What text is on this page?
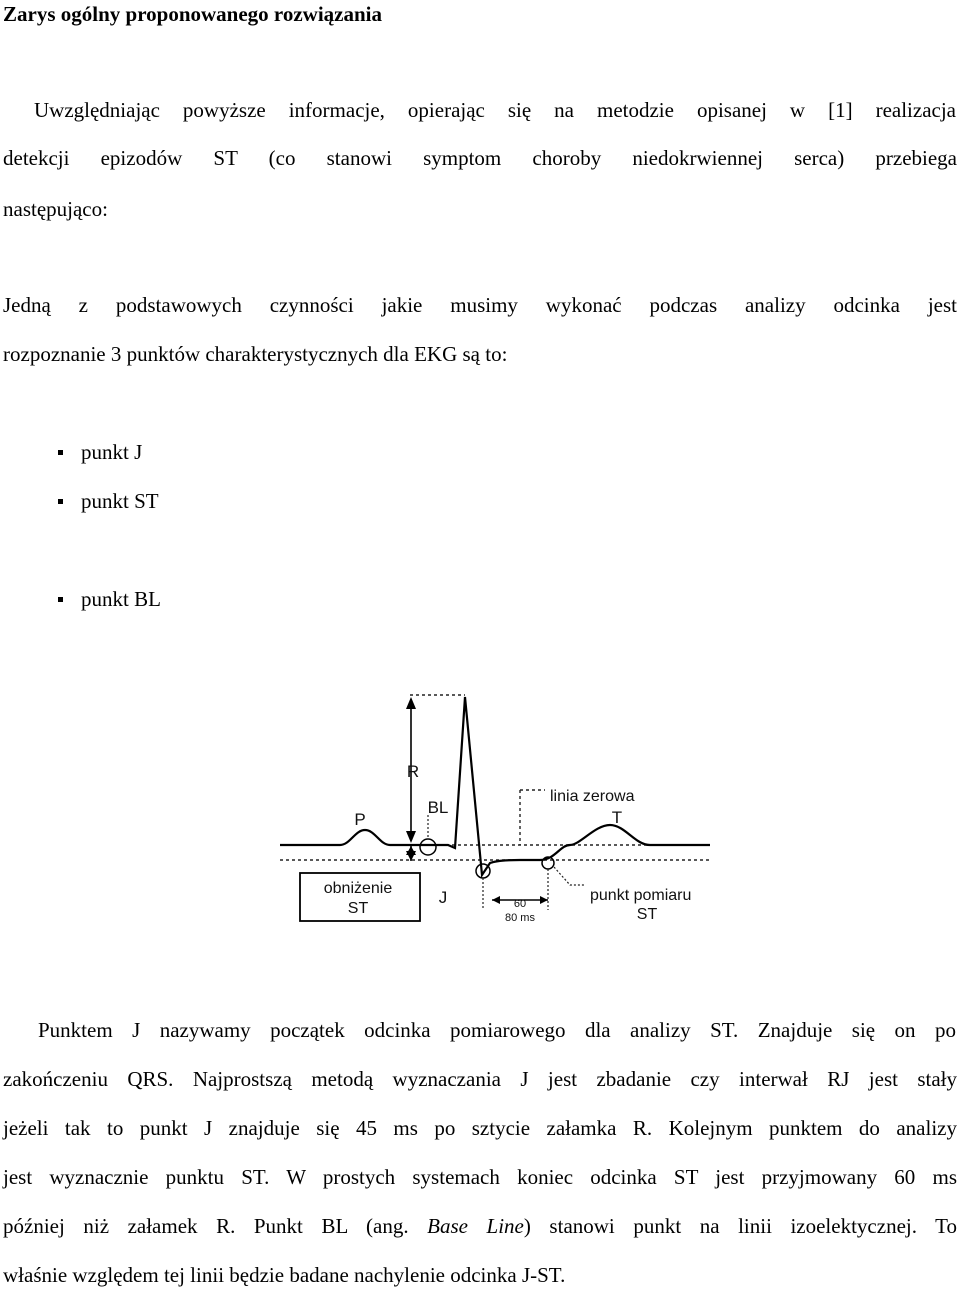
Zarys ogólny proponowanego rozwiązania
Uwzględniając powyższe informacje, opierając się na metodzie opisanej w [1] realizacja
detekcji epizodów ST (co stanowi symptom choroby niedokrwiennej serca) przebiega
następująco:
Jedną z podstawowych czynności jakie musimy wykonać podczas analizy odcinka jest
rozpoznanie 3 punktów charakterystycznych dla EKG są to:
punkt J
punkt ST
punkt BL
R
P
BL
T
J
linia zerowa
obniżenie
ST	60
80 ms
punkt pomiaru
ST
Punktem J nazywamy początek odcinka pomiarowego dla analizy ST. Znajduje się on po
zakończeniu QRS. Najprostszą metodą wyznaczania J jest zbadanie czy interwał RJ jest stały
jeżeli tak to punkt J znajduje się 45 ms po sztycie załamka R. Kolejnym punktem do analizy
jest wyznacznie punktu ST. W prostych systemach koniec odcinka ST jest przyjmowany 60 ms
później niż załamek R. Punkt BL (ang. Base Line) stanowi punkt na linii izoelektycznej. To
właśnie względem tej linii będzie badane nachylenie odcinka J-ST.
